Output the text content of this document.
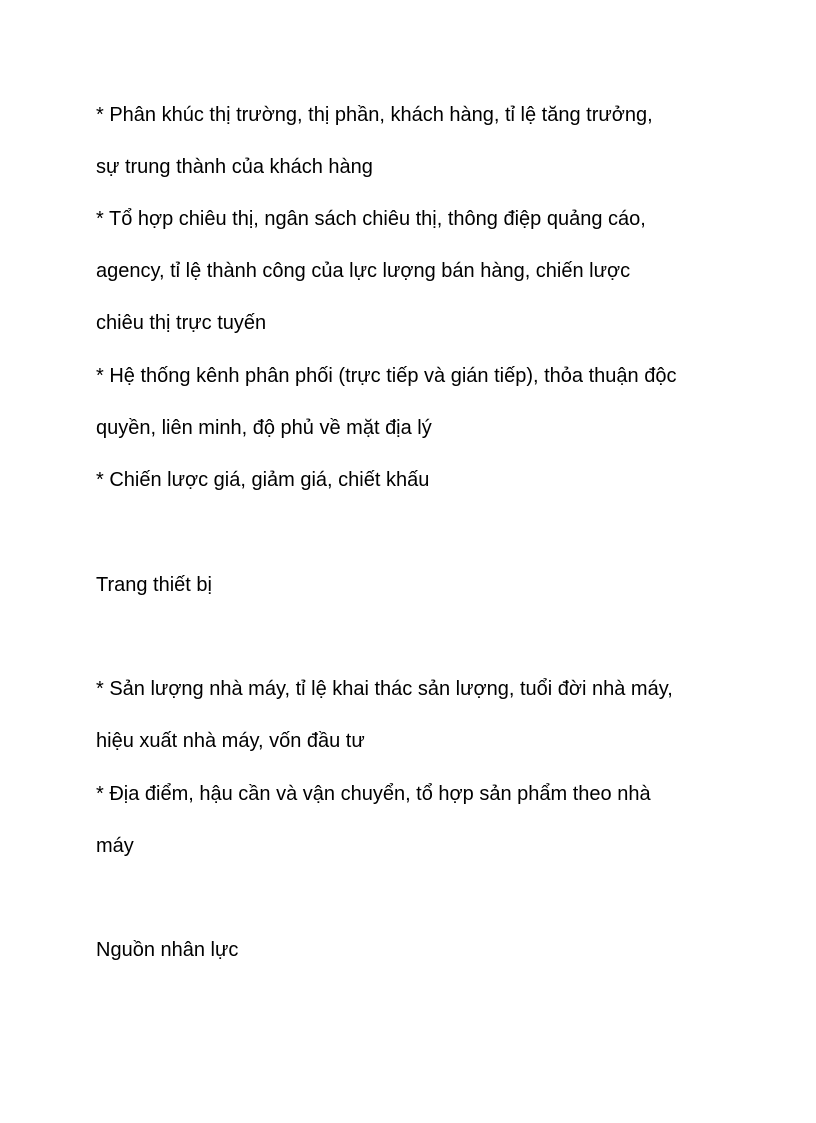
* Phân khúc thị trường, thị phần, khách hàng, tỉ lệ tăng trưởng,
sự trung thành của khách hàng
* Tổ hợp chiêu thị, ngân sách chiêu thị, thông điệp quảng cáo,
agency, tỉ lệ thành công của lực lượng bán hàng, chiến lược
chiêu thị trực tuyến
* Hệ thống kênh phân phối (trực tiếp và gián tiếp), thỏa thuận độc
quyền, liên minh, độ phủ về mặt địa lý
* Chiến lược giá, giảm giá, chiết khấu
Trang thiết bị
* Sản lượng nhà máy, tỉ lệ khai thác sản lượng, tuổi đời nhà máy,
hiệu xuất nhà máy, vốn đầu tư
* Địa điểm, hậu cần và vận chuyển, tổ hợp sản phẩm theo nhà
máy
Nguồn nhân lực
